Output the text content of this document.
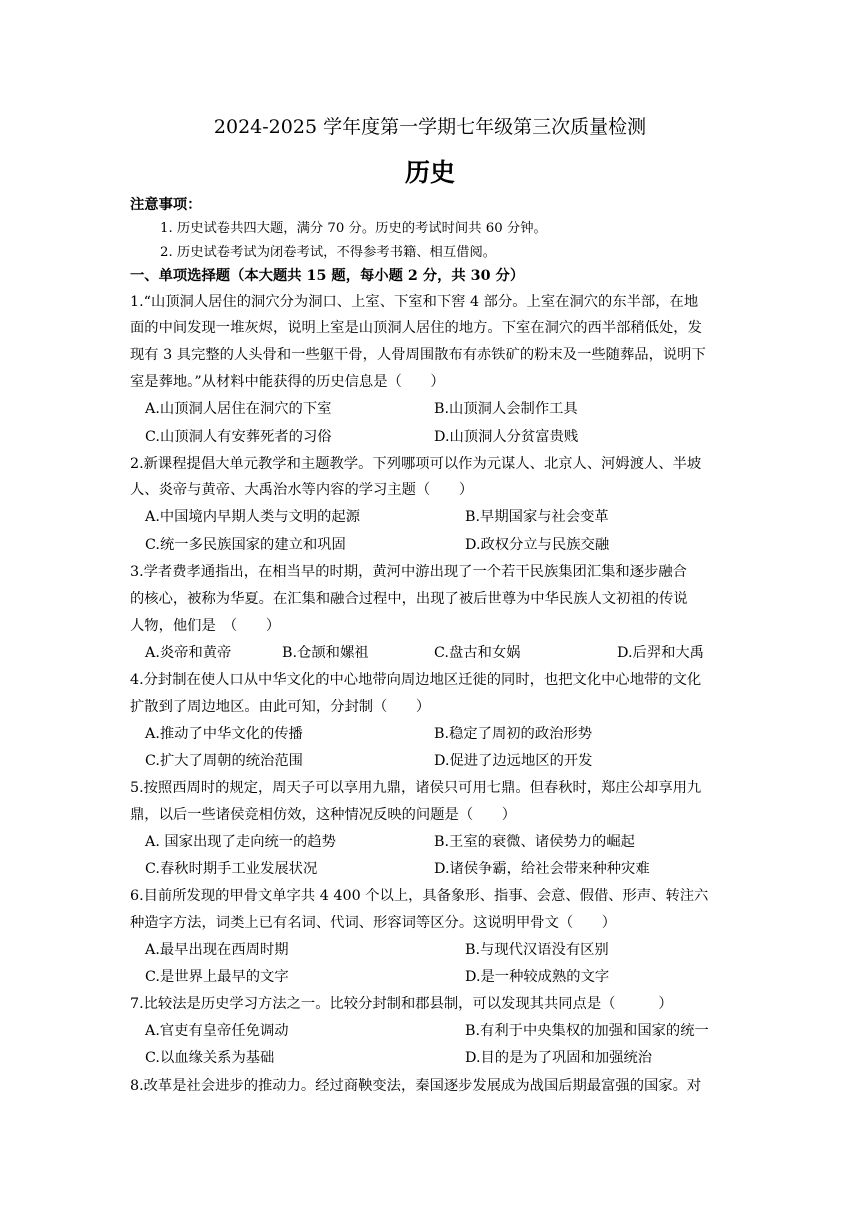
2024-2025 学年度第一学期七年级第三次质量检测
历史
注意事项：
1. 历史试卷共四大题，满分 70 分。历史的考试时间共 60 分钟。
2. 历史试卷考试为闭卷考试，不得参考书籍、相互借阅。
一、单项选择题（本大题共 15 题，每小题 2 分，共 30 分）
1.“山顶洞人居住的洞穴分为洞口、上室、下室和下窖 4 部分。上室在洞穴的东半部，在地
面的中间发现一堆灰烬，说明上室是山顶洞人居住的地方。下室在洞穴的西半部稍低处，发
现有 3 具完整的人头骨和一些躯干骨，人骨周围散布有赤铁矿的粉末及一些随葬品，说明下
室是葬地。”从材料中能获得的历史信息是（　　）
A.山顶洞人居住在洞穴的下室	B.山顶洞人会制作工具
C.山顶洞人有安葬死者的习俗	D.山顶洞人分贫富贵贱
2.新课程提倡大单元教学和主题教学。下列哪项可以作为元谋人、北京人、河姆渡人、半坡
人、炎帝与黄帝、大禹治水等内容的学习主题（　　）
A.中国境内早期人类与文明的起源	B.早期国家与社会变革
C.统一多民族国家的建立和巩固	D.政权分立与民族交融
3.学者费孝通指出，在相当早的时期，黄河中游出现了一个若干民族集团汇集和逐步融合
的核心，被称为华夏。在汇集和融合过程中，出现了被后世尊为中华民族人文初祖的传说
人物，他们是　（　　）
A.炎帝和黄帝	B.仓颉和嫘祖	C.盘古和女娲	D.后羿和大禹
4.分封制在使人口从中华文化的中心地带向周边地区迁徙的同时，也把文化中心地带的文化
扩散到了周边地区。由此可知，分封制（　　）
A.推动了中华文化的传播	B.稳定了周初的政治形势
C.扩大了周朝的统治范围	D.促进了边远地区的开发
5.按照西周时的规定，周天子可以享用九鼎，诸侯只可用七鼎。但春秋时，郑庄公却享用九
鼎，以后一些诸侯竞相仿效，这种情况反映的问题是（　　）
A. 国家出现了走向统一的趋势	B.王室的衰微、诸侯势力的崛起
C.春秋时期手工业发展状况	D.诸侯争霸，给社会带来种种灾难
6.目前所发现的甲骨文单字共 4 400 个以上，具备象形、指事、会意、假借、形声、转注六
种造字方法，词类上已有名词、代词、形容词等区分。这说明甲骨文（　　）
A.最早出现在西周时期	B.与现代汉语没有区别
C.是世界上最早的文字	D.是一种较成熟的文字
7.比较法是历史学习方法之一。比较分封制和郡县制，可以发现其共同点是（　　　）
A.官吏有皇帝任免调动	B.有利于中央集权的加强和国家的统一
C.以血缘关系为基础	D.目的是为了巩固和加强统治
8.改革是社会进步的推动力。经过商鞅变法，秦国逐步发展成为战国后期最富强的国家。对
